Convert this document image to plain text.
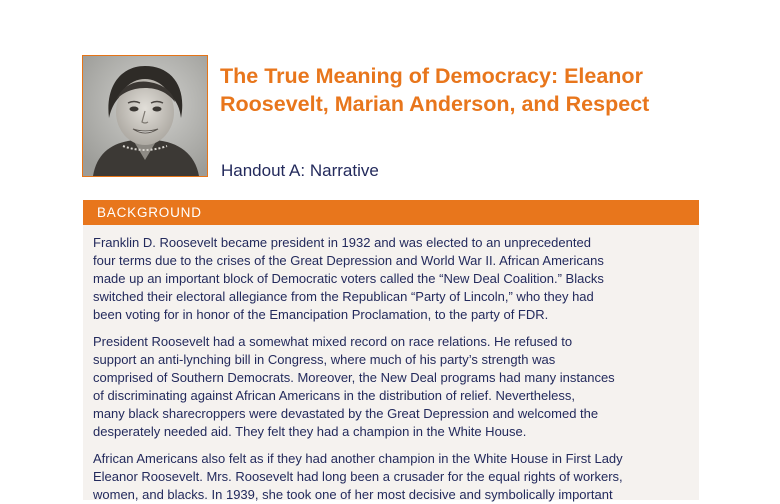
The True Meaning of Democracy: Eleanor Roosevelt, Marian Anderson, and Respect
Handout A: Narrative
BACKGROUND

Franklin D. Roosevelt became president in 1932 and was elected to an unprecedented
four terms due to the crises of the Great Depression and World War II. African Americans
made up an important block of Democratic voters called the “New Deal Coalition.” Blacks
switched their electoral allegiance from the Republican “Party of Lincoln,” who they had
been voting for in honor of the Emancipation Proclamation, to the party of FDR.

President Roosevelt had a somewhat mixed record on race relations. He refused to
support an anti-lynching bill in Congress, where much of his party’s strength was
comprised of Southern Democrats. Moreover, the New Deal programs had many instances
of discriminating against African Americans in the distribution of relief. Nevertheless,
many black sharecroppers were devastated by the Great Depression and welcomed the
desperately needed aid. They felt they had a champion in the White House.

African Americans also felt as if they had another champion in the White House in First Lady
Eleanor Roosevelt. Mrs. Roosevelt had long been a crusader for the equal rights of workers,
women, and blacks. In 1939, she took one of her most decisive and symbolically important
